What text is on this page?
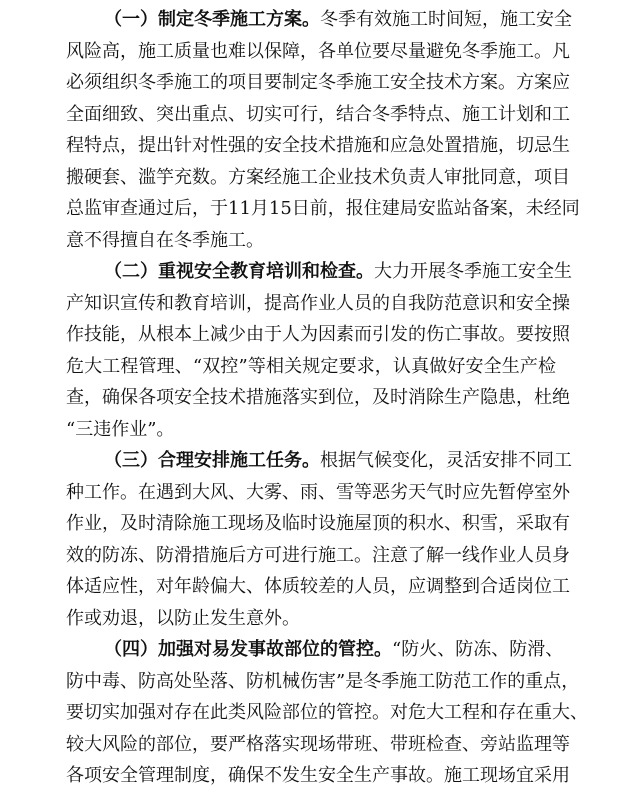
（一）制定冬季施工方案。冬季有效施工时间短，施工安全
风险高，施工质量也难以保障，各单位要尽量避免冬季施工。凡
必须组织冬季施工的项目要制定冬季施工安全技术方案。方案应
全面细致、突出重点、切实可行，结合冬季特点、施工计划和工
程特点，提出针对性强的安全技术措施和应急处置措施，切忌生
搬硬套、滥竽充数。方案经施工企业技术负责人审批同意，项目
总监审查通过后，于11月15日前，报住建局安监站备案，未经同
意不得擅自在冬季施工。
（二）重视安全教育培训和检查。大力开展冬季施工安全生
产知识宣传和教育培训，提高作业人员的自我防范意识和安全操
作技能，从根本上减少由于人为因素而引发的伤亡事故。要按照
危大工程管理、“双控”等相关规定要求，认真做好安全生产检
查，确保各项安全技术措施落实到位，及时消除生产隐患，杜绝
“三违作业”。
（三）合理安排施工任务。根据气候变化，灵活安排不同工
种工作。在遇到大风、大雾、雨、雪等恶劣天气时应先暂停室外
作业，及时清除施工现场及临时设施屋顶的积水、积雪，采取有
效的防冻、防滑措施后方可进行施工。注意了解一线作业人员身
体适应性，对年龄偏大、体质较差的人员，应调整到合适岗位工
作或劝退，以防止发生意外。
（四）加强对易发事故部位的管控。“防火、防冻、防滑、
防中毒、防高处坠落、防机械伤害”是冬季施工防范工作的重点，
要切实加强对存在此类风险部位的管控。对危大工程和存在重大、
较大风险的部位，要严格落实现场带班、带班检查、旁站监理等
各项安全管理制度，确保不发生安全生产事故。施工现场宜采用
